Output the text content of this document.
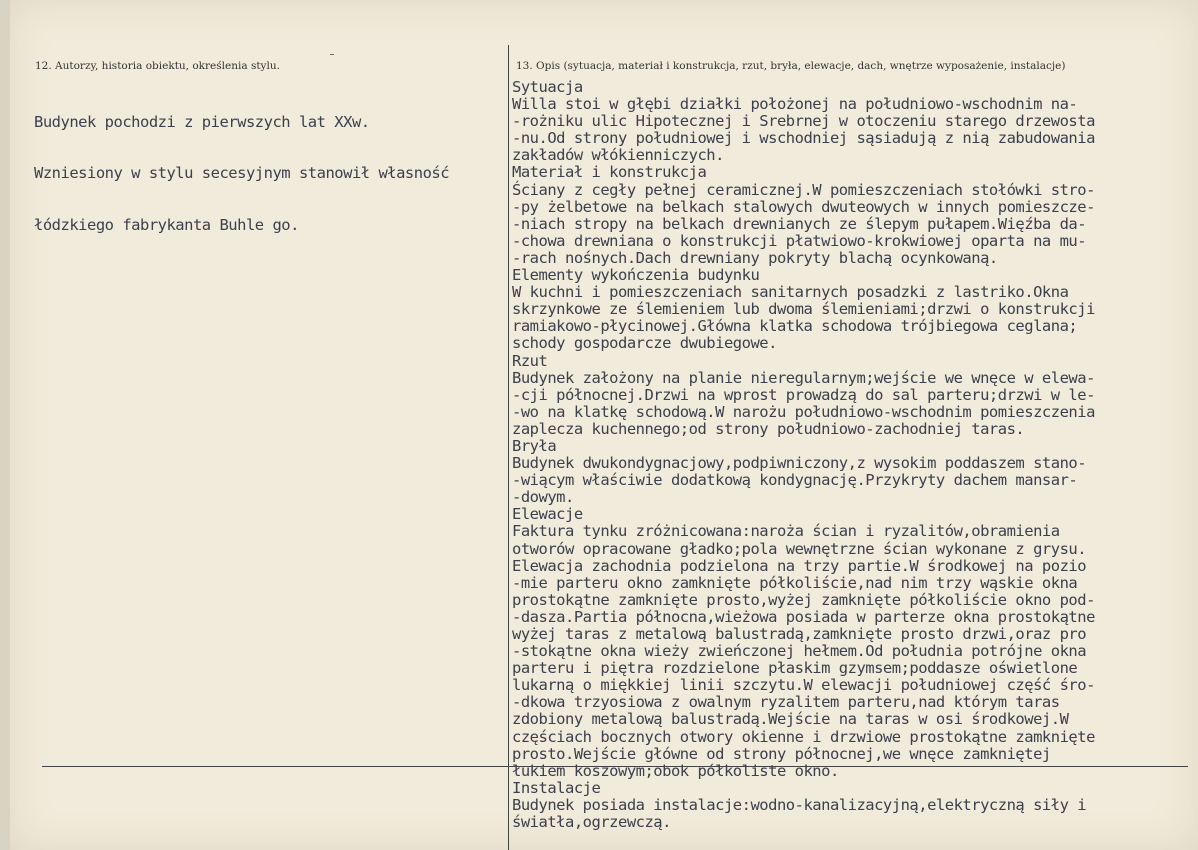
12. Autorzy, historia obiektu, określenia stylu.	13. Opis (sytuacja, materiał i konstrukcja, rzut, bryła, elewacje, dach, wnętrze wyposażenie, instalacje)

Budynek pochodzi z pierwszych lat XXw.

Wzniesiony w stylu secesyjnym stanowił własność

łódzkiego fabrykanta Buhle go.

Sytuacja
Willa stoi w głębi działki położonej na południowo-wschodnim na-
-rożniku ulic Hipotecznej i Srebrnej w otoczeniu starego drzewosta
-nu.Od strony południowej i wschodniej sąsiadują z nią zabudowania
zakładów włókienniczych.
Materiał i konstrukcja
Ściany z cegły pełnej ceramicznej.W pomieszczeniach stołówki stro-
-py żelbetowe na belkach stalowych dwuteowych w innych pomieszcze-
-niach stropy na belkach drewnianych ze ślepym pułapem.Więźba da-
-chowa drewniana o konstrukcji płatwiowo-krokwiowej oparta na mu-
-rach nośnych.Dach drewniany pokryty blachą ocynkowaną.
Elementy wykończenia budynku
W kuchni i pomieszczeniach sanitarnych posadzki z lastriko.Okna
skrzynkowe ze ślemieniem lub dwoma ślemieniami;drzwi o konstrukcji
ramiakowo-płycinowej.Główna klatka schodowa trójbiegowa ceglana;
schody gospodarcze dwubiegowe.
Rzut
Budynek założony na planie nieregularnym;wejście we wnęce w elewa-
-cji północnej.Drzwi na wprost prowadzą do sal parteru;drzwi w le-
-wo na klatkę schodową.W narożu południowo-wschodnim pomieszczenia
zaplecza kuchennego;od strony południowo-zachodniej taras.
Bryła
Budynek dwukondygnacjowy,podpiwniczony,z wysokim poddaszem stano-
-wiącym właściwie dodatkową kondygnację.Przykryty dachem mansar-
-dowym.
Elewacje
Faktura tynku zróżnicowana:naroża ścian i ryzalitów,obramienia
otworów opracowane gładko;pola wewnętrzne ścian wykonane z grysu.
Elewacja zachodnia podzielona na trzy partie.W środkowej na pozio
-mie parteru okno zamknięte półkoliście,nad nim trzy wąskie okna
prostokątne zamknięte prosto,wyżej zamknięte półkoliście okno pod-
-dasza.Partia północna,wieżowa posiada w parterze okna prostokątne
wyżej taras z metalową balustradą,zamknięte prosto drzwi,oraz pro
-stokątne okna wieży zwieńczonej hełmem.Od południa potrójne okna
parteru i piętra rozdzielone płaskim gzymsem;poddasze oświetlone
lukarną o miękkiej linii szczytu.W elewacji południowej część śro-
-dkowa trzyosiowa z owalnym ryzalitem parteru,nad którym taras
zdobiony metalową balustradą.Wejście na taras w osi środkowej.W
częściach bocznych otwory okienne i drzwiowe prostokątne zamknięte
prosto.Wejście główne od strony północnej,we wnęce zamkniętej
łukiem koszowym;obok półkoliste okno.
Instalacje
Budynek posiada instalacje:wodno-kanalizacyjną,elektryczną siły i
światła,ogrzewczą.
